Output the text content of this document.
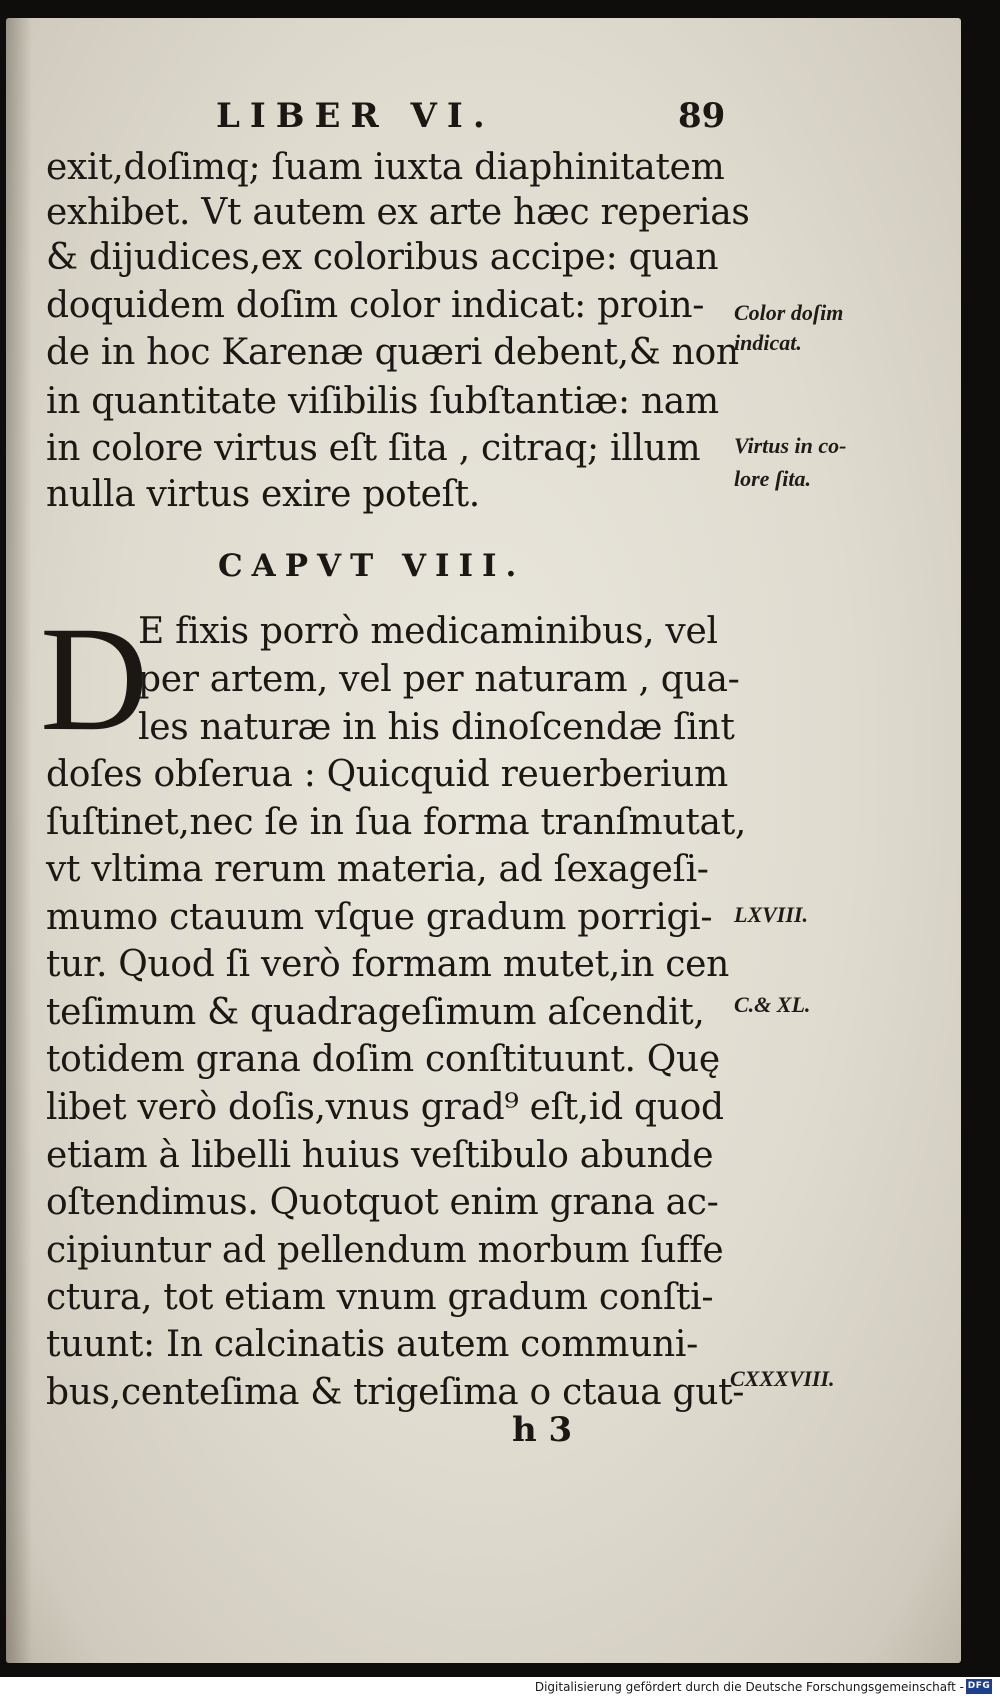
LIBER VI.	89
exit,doſimq; ſuam iuxta diaphinitatem
exhibet. Vt autem ex arte hæc reperias
& dijudices,ex coloribus accipe: quan
doquidem doſim color indicat: proin-
de in hoc Karenæ quæri debent,& non
in quantitate viſibilis ſubſtantiæ: nam
in colore virtus eſt ſita , citraq; illum
nulla virtus exire poteſt.
CAPVT VIII.
D
E fixis porrò medicaminibus, vel
per artem, vel per naturam , qua-
les naturæ in his dinoſcendæ ſint
doſes obſerua : Quicquid reuerberium
ſuſtinet,nec ſe in ſua forma tranſmutat,
vt vltima rerum materia, ad ſexageſi-
mumo ctauum vſque gradum porrigi-
tur. Quod ſi verò formam mutet,in cen
teſimum & quadrageſimum aſcendit,
totidem grana doſim conſtituunt. Quę
libet verò doſis,vnus grad⁹ eſt,id quod
etiam à libelli huius veſtibulo abunde
oſtendimus. Quotquot enim grana ac-
cipiuntur ad pellendum morbum ſuffe
ctura, tot etiam vnum gradum conſti-
tuunt: In calcinatis autem communi-
bus,centeſima & trigeſima o ctaua gut-
Color doſim
indicat.
Virtus in co-
lore ſita.
LXVIII.
C.& XL.
CXXXVIII.
h 3
Digitalisierung gefördert durch die Deutsche Forschungsgemeinschaft - DFG
